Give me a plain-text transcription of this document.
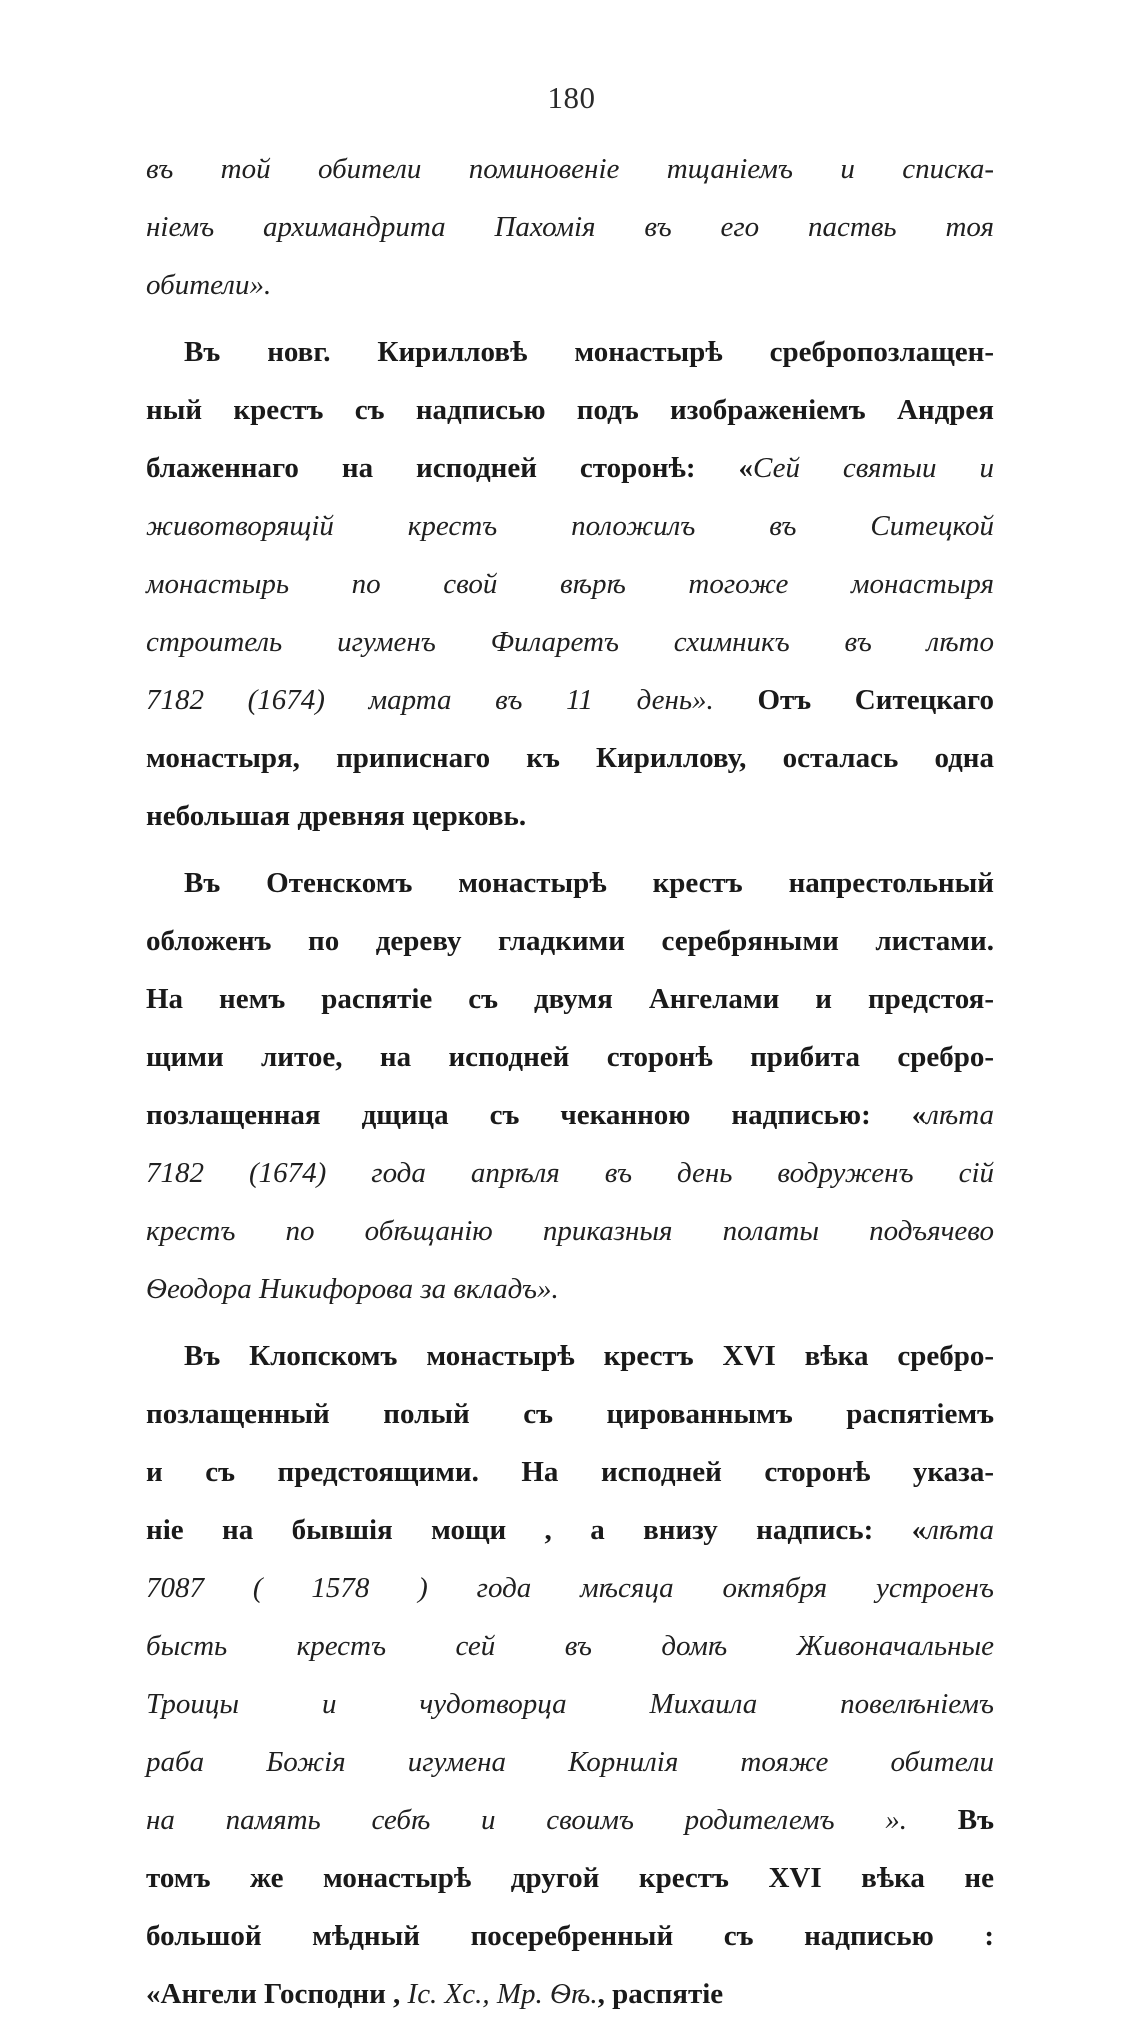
180
въ той обители поминовеніе тщаніемъ и списка-
ніемъ архимандрита Пахомія въ его паствь тоя
обители».
Въ новг. Кирилловѣ монастырѣ сребропозлащен-
ный крестъ съ надписью подъ изображеніемъ Андрея
блаженнаго на исподней сторонѣ: «Сей святыи и
животворящій крестъ положилъ въ Ситецкой
монастырь по свой вѣрѣ тогоже монастыря
строитель игуменъ Филаретъ схимникъ въ лѣто
7182 (1674) марта въ 11 день». Отъ Ситецкаго
монастыря, приписнаго къ Кириллову, осталась одна
небольшая древняя церковь.
Въ Отенскомъ монастырѣ крестъ напрестольный
обложенъ по дереву гладкими серебряными листами.
На немъ распятіе съ двумя Ангелами и предстоя-
щими литое, на исподней сторонѣ прибита сребро-
позлащенная дщица съ чеканною надписью: «лѣта
7182 (1674) года апрѣля въ день водруженъ сій
крестъ по обѣщанію приказныя полаты подъячево
Ѳеодора Никифорова за вкладъ».
Въ Клопскомъ монастырѣ крестъ XVI вѣка сребро-
позлащенный полый съ цированнымъ распятіемъ
и съ предстоящими. На исподней сторонѣ указа-
ніе на бывшія мощи , а внизу надпись: «лѣта
7087 ( 1578 ) года мѣсяца октября устроенъ
бысть крестъ сей въ домѣ Живоначальные
Троицы и чудотворца Михаила повелѣніемъ
раба Божія игумена Корнилія тояже обители
на память себѣ и своимъ родителемъ ». Въ
томъ же монастырѣ другой крестъ XVI вѣка не
большой мѣдный посеребренный съ надписью :
«Ангели Господни , Іс. Хс., Мр. Ѳѣ., распятіе
